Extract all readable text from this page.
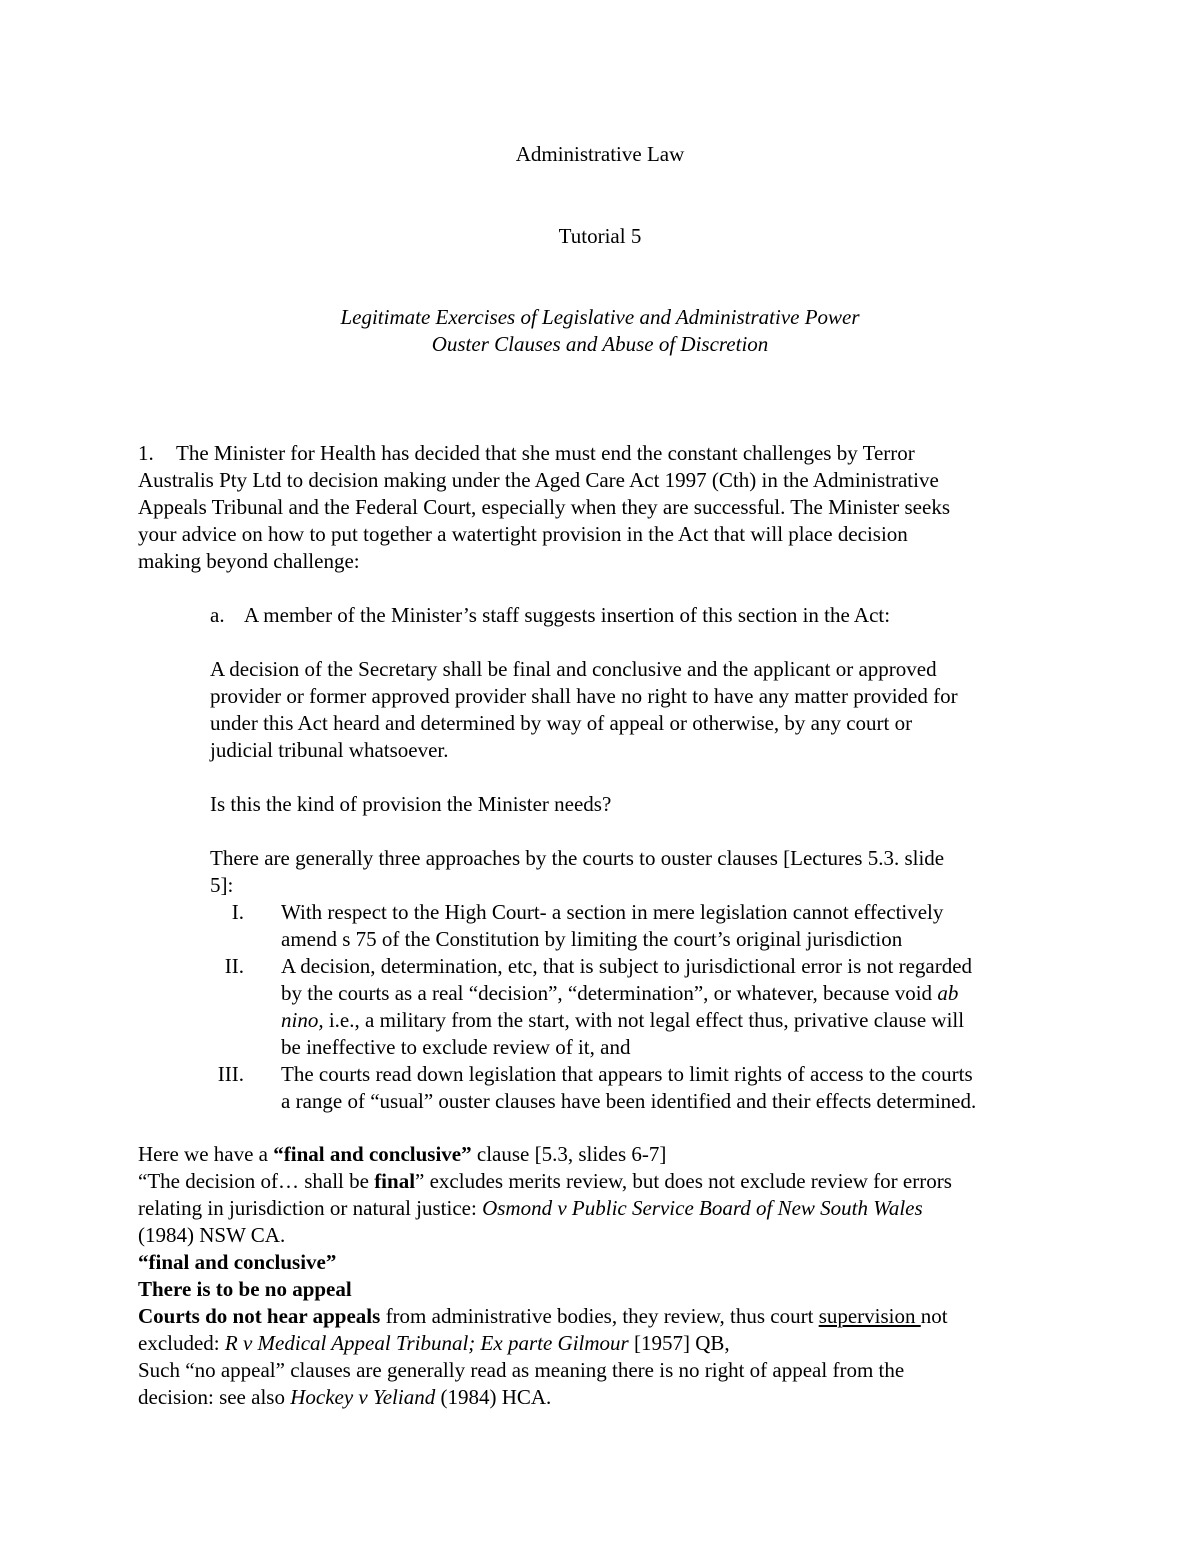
Administrative Law
Tutorial 5
Legitimate Exercises of Legislative and Administrative Power
Ouster Clauses and Abuse of Discretion
1. The Minister for Health has decided that she must end the constant challenges by Terror
Australis Pty Ltd to decision making under the Aged Care Act 1997 (Cth) in the Administrative
Appeals Tribunal and the Federal Court, especially when they are successful. The Minister seeks
your advice on how to put together a watertight provision in the Act that will place decision
making beyond challenge:
a. A member of the Minister’s staff suggests insertion of this section in the Act:
A decision of the Secretary shall be final and conclusive and the applicant or approved
provider or former approved provider shall have no right to have any matter provided for
under this Act heard and determined by way of appeal or otherwise, by any court or
judicial tribunal whatsoever.
Is this the kind of provision the Minister needs?
There are generally three approaches by the courts to ouster clauses [Lectures 5.3. slide
5]:
I. With respect to the High Court- a section in mere legislation cannot effectively
amend s 75 of the Constitution by limiting the court’s original jurisdiction
II. A decision, determination, etc, that is subject to jurisdictional error is not regarded
by the courts as a real “decision”, “determination”, or whatever, because void ab
nino, i.e., a military from the start, with not legal effect thus, privative clause will
be ineffective to exclude review of it, and
III. The courts read down legislation that appears to limit rights of access to the courts
a range of “usual” ouster clauses have been identified and their effects determined.
Here we have a “final and conclusive” clause [5.3, slides 6-7]
“The decision of… shall be final” excludes merits review, but does not exclude review for errors
relating in jurisdiction or natural justice: Osmond v Public Service Board of New South Wales
(1984) NSW CA.
“final and conclusive”
There is to be no appeal
Courts do not hear appeals from administrative bodies, they review, thus court supervision not
excluded: R v Medical Appeal Tribunal; Ex parte Gilmour [1957] QB,
Such “no appeal” clauses are generally read as meaning there is no right of appeal from the
decision: see also Hockey v Yeliand (1984) HCA.
